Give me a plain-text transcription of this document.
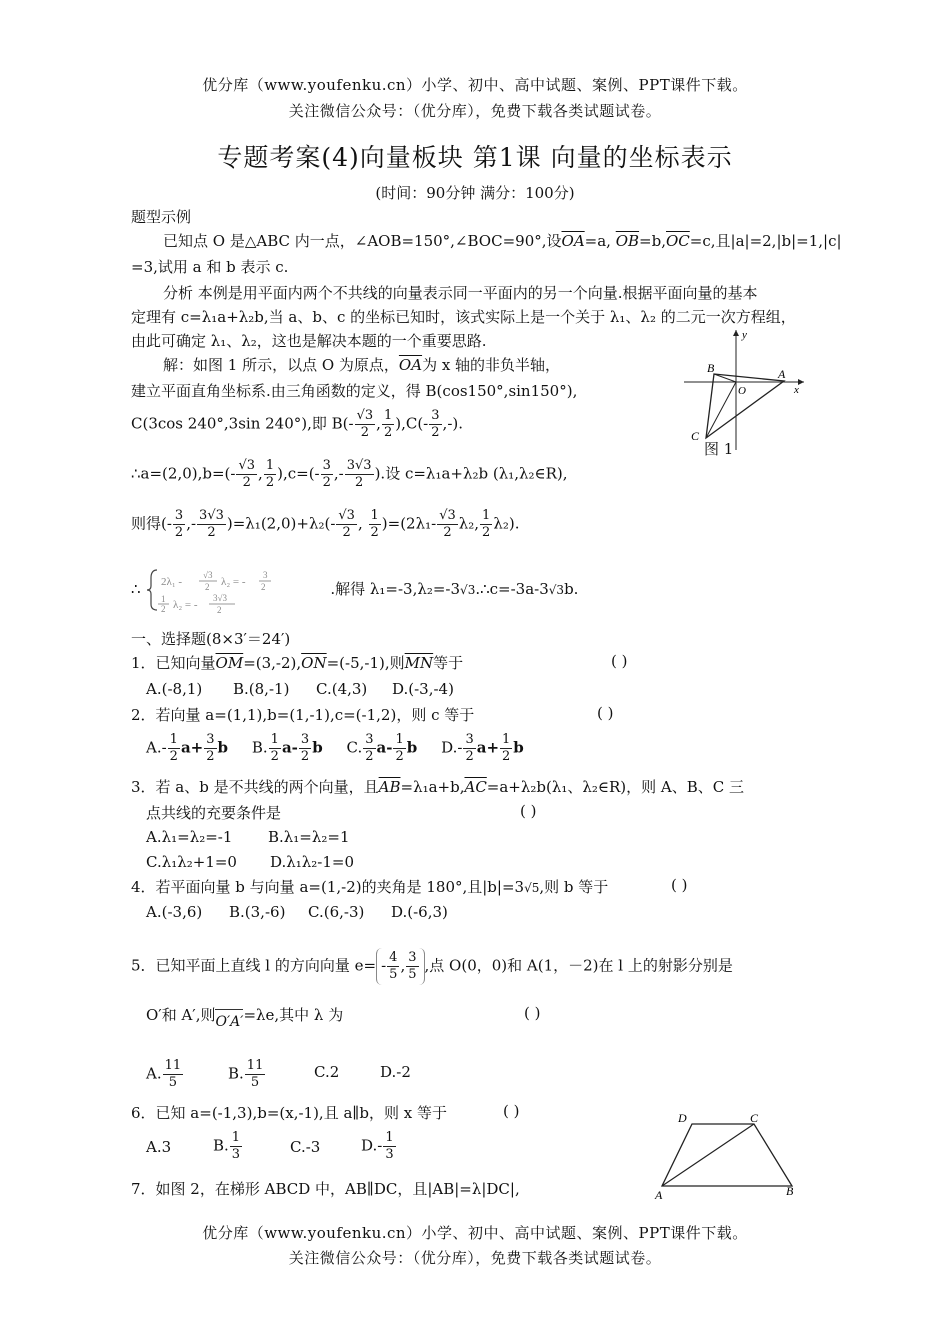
优分库（www.youfenku.cn）小学、初中、高中试题、案例、PPT课件下载。
关注微信公众号：（优分库），免费下载各类试题试卷。
专题考案(4)向量板块 第1课 向量的坐标表示
(时间：90分钟 满分：100分)
题型示例
已知点 O 是△ABC 内一点，∠AOB=150°,∠BOC=90°,设$\overline{OA}=a$, $\overline{OB}=b,\overline{OC}=c$,且|a|=2,|b|=1,|c|
=3,试用 a 和 b 表示 c.
分析 本例是用平面内两个不共线的向量表示同一平面内的另一个向量.根据平面向量的基本
定理有 c=λ₁a+λ₂b,当 a、b、c 的坐标已知时，该式实际上是一个关于 λ₁、λ₂ 的二元一次方程组，
由此可确定 λ₁、λ₂，这也是解决本题的一个重要思路.
解：如图 1 所示，以点 O 为原点，$\overline{OA}$为 x 轴的非负半轴，
建立平面直角坐标系.由三角函数的定义，得 B(cos150°,sin150°),
C(3cos 240°,3sin 240°),即 $B(- \frac{√3}{2}$ , $\frac{1}{2} ),C(- \frac{3}{2}$ ,-).
∴a=(2,0),b=(- $\frac{√3}{2}$ , $\frac{1}{2} ),c=(- \frac{3}{2}$ ,- $\frac{3√3}{2}$ ).设 c=λ₁a+λ₂b (λ₁,λ₂∈R),
则得(- $\frac{3}{2}$ ,- $\frac{3√3}{2} )=\lambda_1(2,0)+\lambda_2(- \frac{√3}{2}$ , $\frac{1}{2} )=(2\lambda_1- \frac{√3}{2} \lambda_2$, $\frac{1}{2} \lambda_2$).
∴ 2λ₁ -
√3
2 λ₂ = -
3
2
1
2 λ₂ = -
3√3
2
.解得 λ₁=-3,λ₂=-3√3.∴c=-3a-3√3b.
y
B	A
O	x
C
图 1
一、选择题(8×3′＝24′)
1．已知向量$\overline{OM}=(3,-2),\overline{ON}=(-5,-1)$,则$\overline{MN}$等于	( )
A.(-8,1) B.(8,-1) C.(4,3) D.(-3,-4)
2．若向量 a=(1,1),b=(1,-1),c=(-1,2)，则 c 等于	( )
$A.- \frac{1}{2} a+ \frac{3}{2}$ b B. $\frac{1}{2} a- \frac{3}{2}$ b C. $\frac{3}{2} a- \frac{1}{2}$ b $D.- \frac{3}{2} a+ \frac{1}{2}$ b
3．若 a、b 是不共线的两个向量，且$\overline{AB}=\lambda_1a+b,\overline{AC}=a+\lambda_2b(\lambda_1$、λ₂∈R)，则 A、B、C 三
点共线的充要条件是	( )
A.λ₁=λ₂=-1 B.λ₁=λ₂=1
C.λ₁λ₂+1=0 D.λ₁λ₂-1=0
4．若平面向量 b 与向量 a=(1,-2)的夹角是 180°,且|b|=3√5,则 b 等于	( )
A.(-3,6) B.(3,-6) C.(6,-3) D.(-6,3)
5．已知平面上直线 l 的方向向量 $e= - \frac{4}{5}$ , $\frac{3}{5}$ ,点 O(0，0)和 A(1，－2)在 l 上的射影分别是
O′和 A′,则O′A′=λe,其中 λ 为	( )
A. $\frac{11}{5}$	B. $\frac{11}{5}$	C.2	D.-2
6．已知 a=(-1,3),b=(x,-1),且 a∥b，则 x 等于	( )
A.3	B. $\frac{1}{3}$	C.-3	$D.- \frac{1}{3}$
7．如图 2，在梯形 ABCD 中，AB∥DC，且|AB|=λ|DC|,
D	C
A	B
优分库（www.youfenku.cn）小学、初中、高中试题、案例、PPT课件下载。
关注微信公众号：（优分库），免费下载各类试题试卷。
